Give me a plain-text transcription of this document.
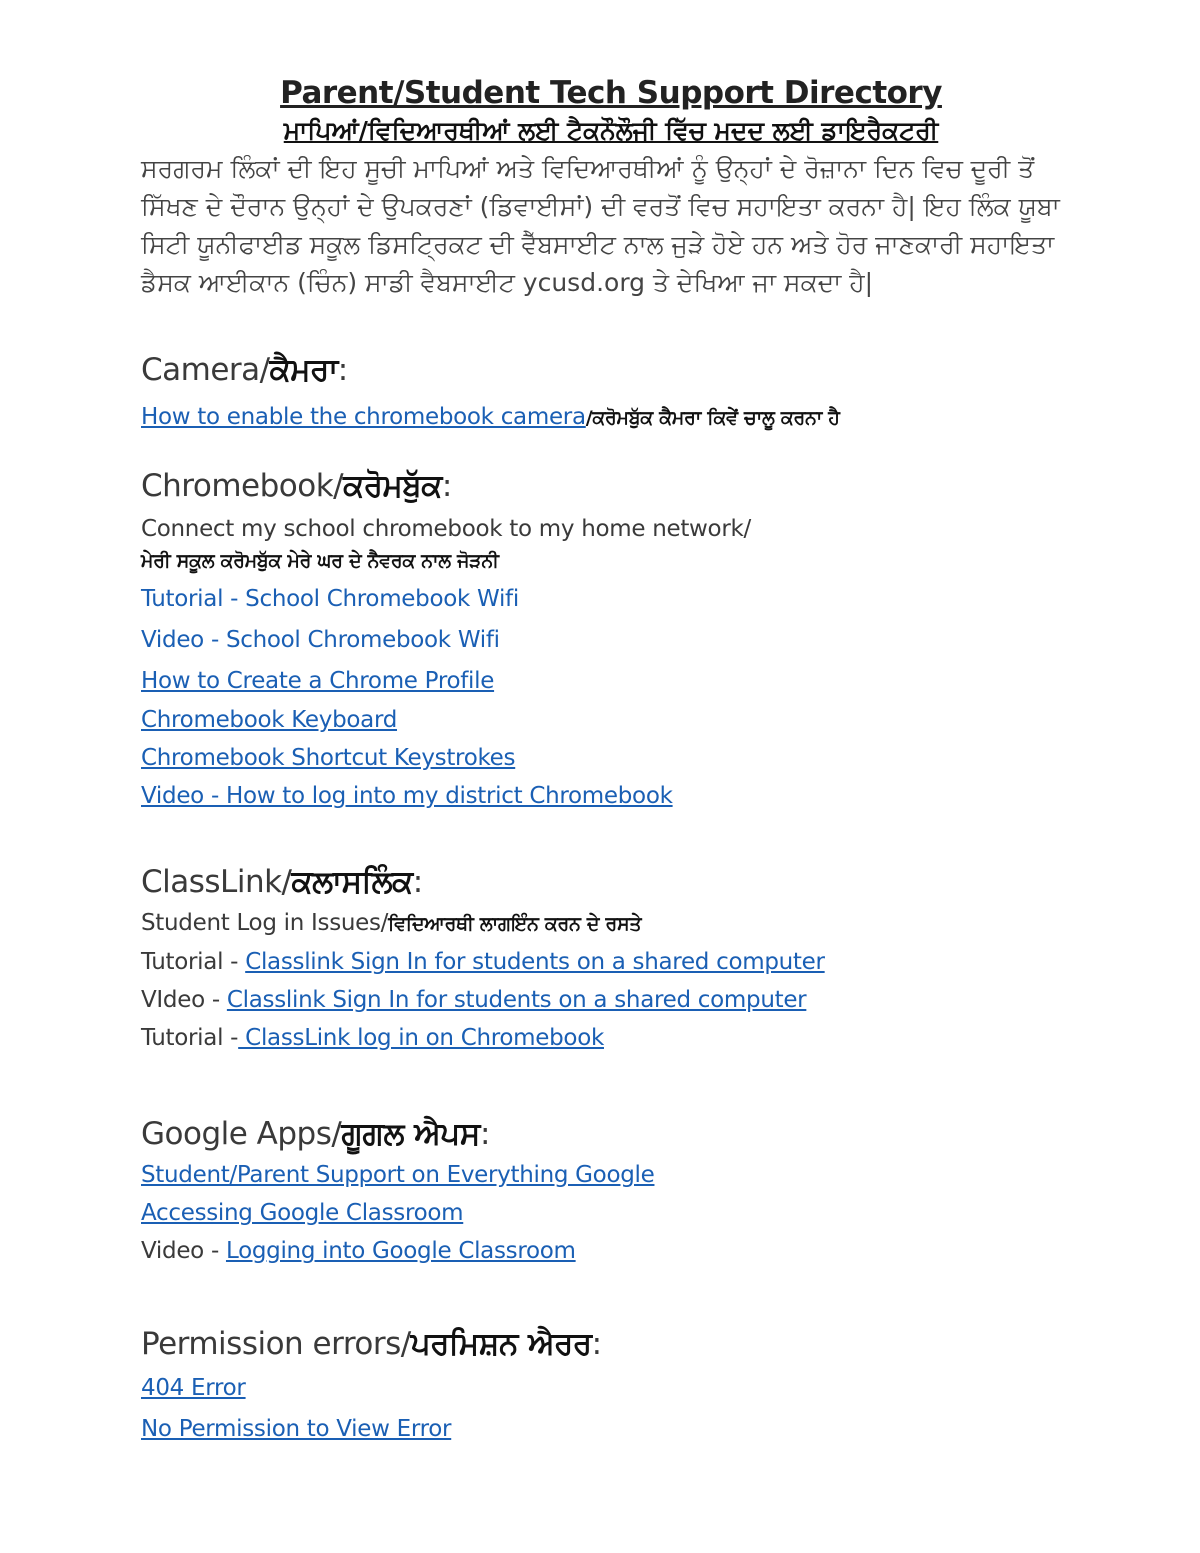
Parent/Student Tech Support Directory
ਮਾਪਿਆਂ/ਵਿਦਿਆਰਥੀਆਂ ਲਈ ਟੈਕਨੌਲੌਜੀ ਵਿੱਚ ਮਦਦ ਲਈ ਡਾਇਰੈਕਟਰੀ

ਸਰਗਰਮ ਲਿੰਕਾਂ ਦੀ ਇਹ ਸੂਚੀ ਮਾਪਿਆਂ ਅਤੇ ਵਿਦਿਆਰਥੀਆਂ ਨੂੰ ਉਨ੍ਹਾਂ ਦੇ ਰੋਜ਼ਾਨਾ ਦਿਨ ਵਿਚ ਦੂਰੀ ਤੋਂ ਸਿੱਖਣ ਦੇ ਦੌਰਾਨ ਉਨ੍ਹਾਂ ਦੇ ਉਪਕਰਣਾਂ (ਡਿਵਾਈਸਾਂ) ਦੀ ਵਰਤੋਂ ਵਿਚ ਸਹਾਇਤਾ ਕਰਨਾ ਹੈ| ਇਹ ਲਿੰਕ ਯੂਬਾ ਸਿਟੀ ਯੂਨੀਫਾਈਡ ਸਕੂਲ ਡਿਸਟ੍ਰਿਕਟ ਦੀ ਵੈੱਬਸਾਈਟ ਨਾਲ ਜੁੜੇ ਹੋਏ ਹਨ ਅਤੇ ਹੋਰ ਜਾਣਕਾਰੀ ਸਹਾਇਤਾ ਡੈਸਕ ਆਈਕਾਨ (ਚਿੰਨ) ਸਾਡੀ ਵੈਬਸਾਈਟ ycusd.org ਤੇ ਦੇਖਿਆ ਜਾ ਸਕਦਾ ਹੈ|

Camera/ਕੈਮਰਾ:
How to enable the chromebook camera/ਕਰੋਮਬੁੱਕ ਕੈਮਰਾ ਕਿਵੇਂ ਚਾਲੂ ਕਰਨਾ ਹੈ
Chromebook/ਕਰੋਮਬੁੱਕ:
Connect my school chromebook to my home network/
ਮੇਰੀ ਸਕੂਲ ਕਰੋਮਬੁੱਕ ਮੇਰੇ ਘਰ ਦੇ ਨੈਵਰਕ ਨਾਲ ਜੋੜਨੀ
Tutorial - School Chromebook Wifi
Video - School Chromebook Wifi
How to Create a Chrome Profile
Chromebook Keyboard
Chromebook Shortcut Keystrokes
Video - How to log into my district Chromebook
ClassLink/ਕਲਾਸਲਿੰਕ:
Student Log in Issues/ਵਿਦਿਆਰਥੀ ਲਾਗਇੰਨ ਕਰਨ ਦੇ ਰਸਤੇ
Tutorial - Classlink Sign In for students on a shared computer
VIdeo - Classlink Sign In for students on a shared computer
Tutorial - ClassLink log in on Chromebook
Google Apps/ਗੂਗਲ ਐਪਸ:
Student/Parent Support on Everything Google
Accessing Google Classroom
Video - Logging into Google Classroom
Permission errors/ਪਰਮਿਸ਼ਨ ਐਰਰ:
404 Error
No Permission to View Error
